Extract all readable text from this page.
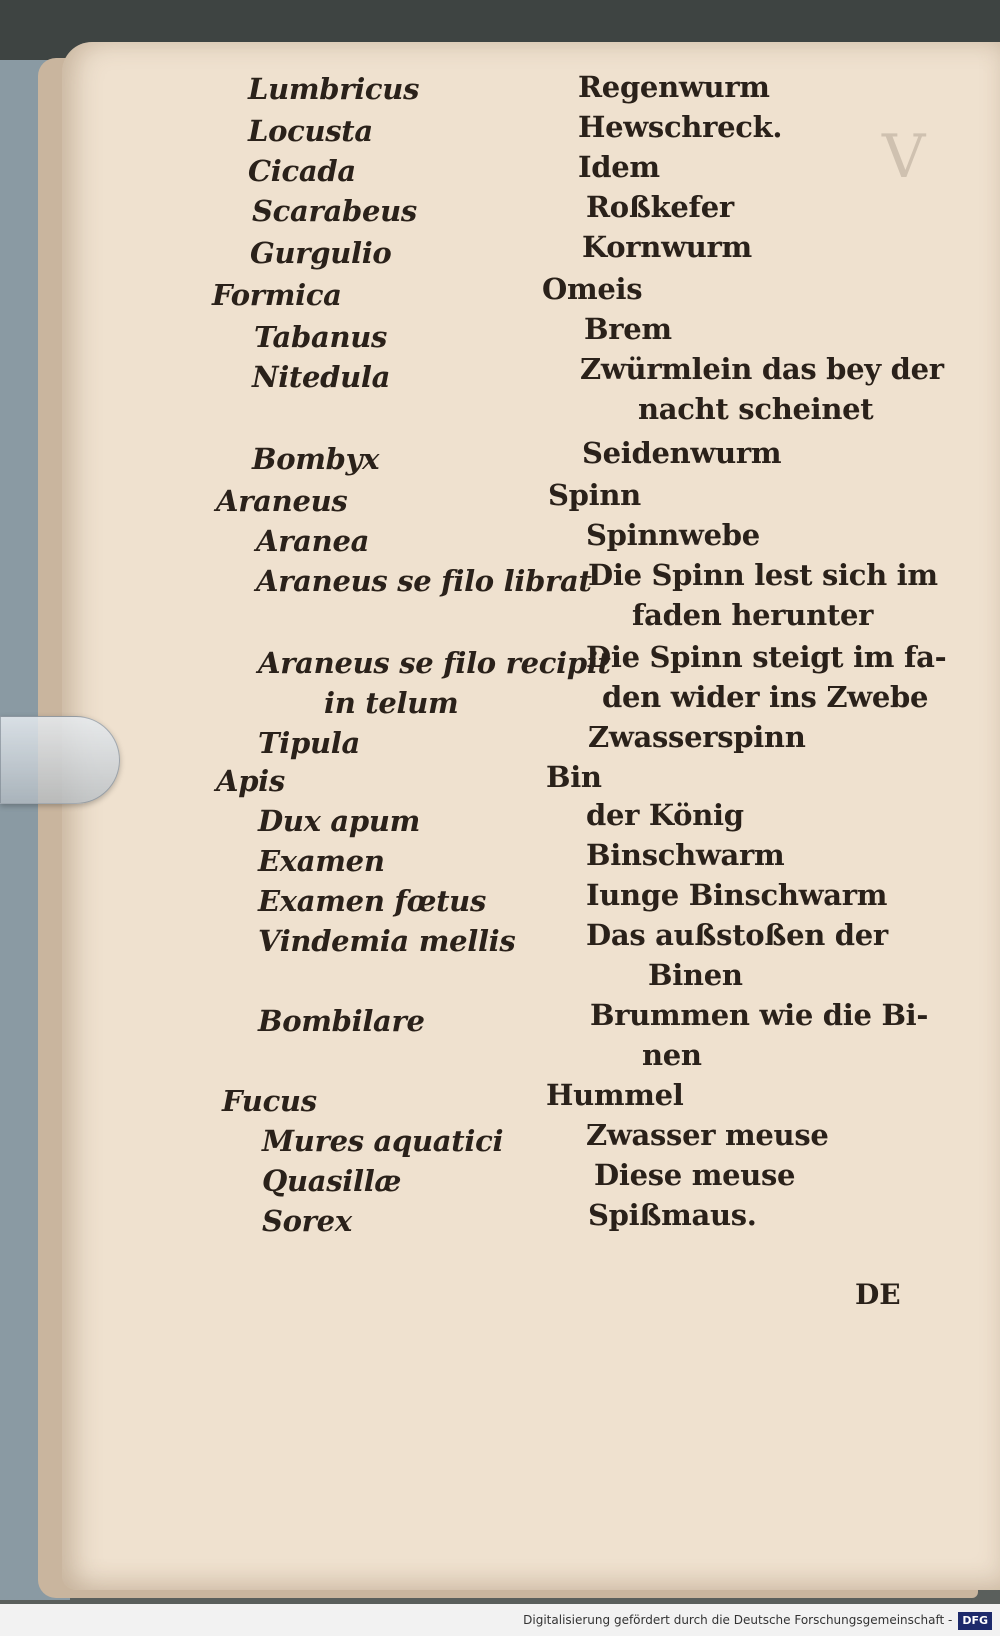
V
Lumbricus
Locusta
Cicada
Scarabeus
Gurgulio
Formica
Tabanus
Nitedula
Bombyx
Araneus
Aranea
Araneus se filo librat
Araneus se filo recipit
in telum
Tipula
Apis
Dux apum
Examen
Examen fœtus
Vindemia mellis
Bombilare
Fucus
Mures aquatici
Quasillæ
Sorex
Regenwurm
Hewschreck.
Idem
Roßkefer
Kornwurm
Omeis
Brem
Zwürmlein das bey der
nacht scheinet
Seidenwurm
Spinn
Spinnwebe
Die Spinn lest sich im
faden herunter
Die Spinn steigt im fa-
den wider ins Zwebe
Zwasserspinn
Bin
der König
Binschwarm
Iunge Binschwarm
Das außstoßen der
Binen
Brummen wie die Bi-
nen
Hummel
Zwasser meuse
Diese meuse
Spißmaus.
DE
Digitalisierung gefördert durch die Deutsche Forschungsgemeinschaft - DFG
